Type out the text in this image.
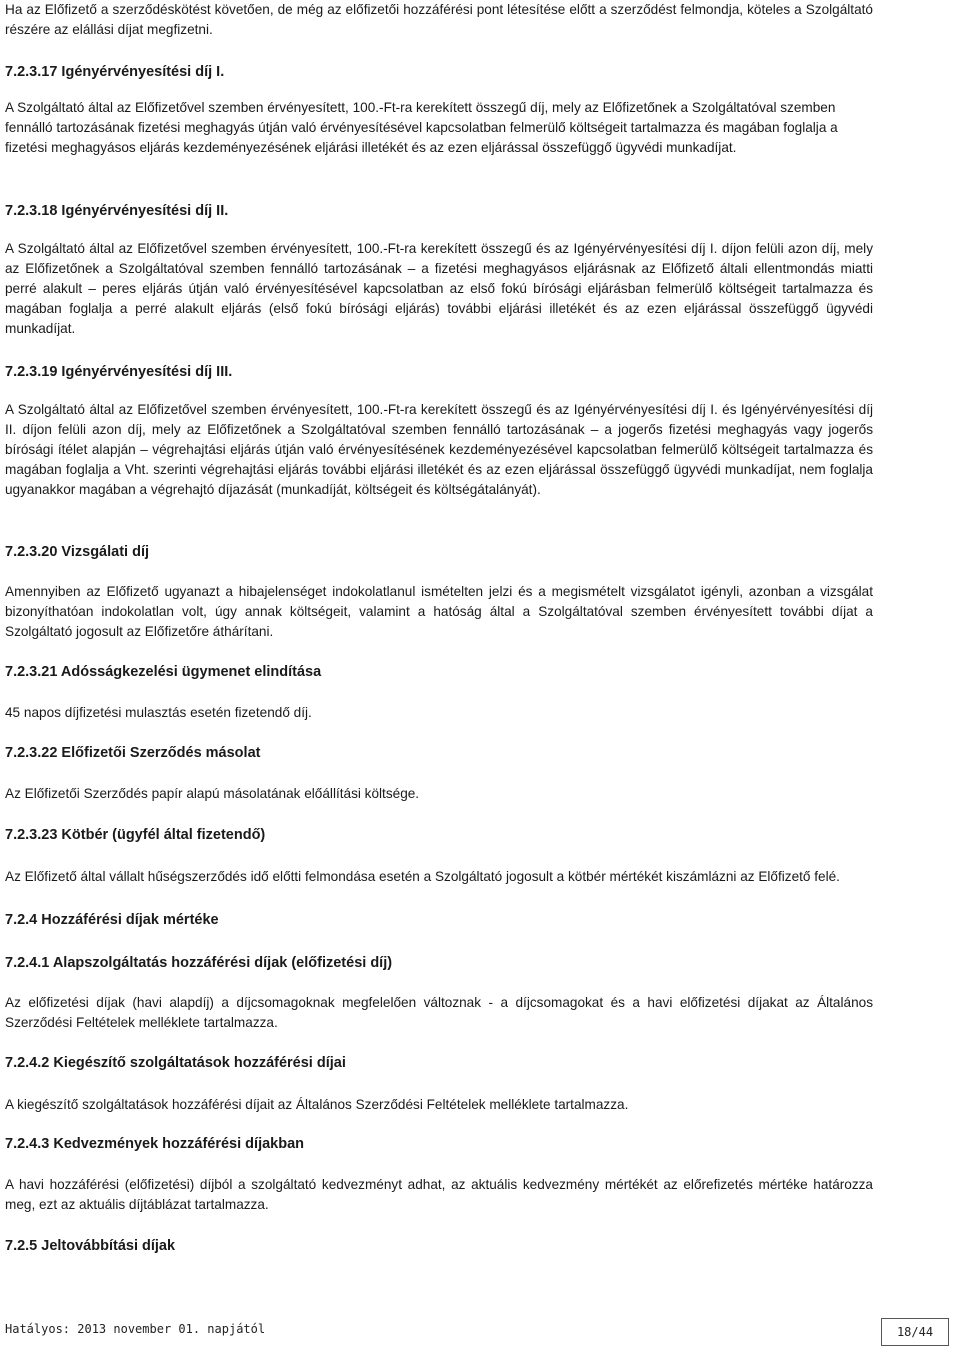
Ha az Előfizető a szerződéskötést követően, de még az előfizetői hozzáférési pont létesítése előtt a szerződést felmondja, köteles a Szolgáltató részére az elállási díjat megfizetni.
7.2.3.17 Igényérvényesítési díj I.
A Szolgáltató által az Előfizetővel szemben érvényesített, 100.-Ft-ra kerekített összegű díj, mely az Előfizetőnek a Szolgáltatóval szemben fennálló tartozásának fizetési meghagyás útján való érvényesítésével kapcsolatban felmerülő költségeit tartalmazza és magában foglalja a fizetési meghagyásos eljárás kezdeményezésének eljárási illetékét és az ezen eljárással összefüggő ügyvédi munkadíjat.
7.2.3.18 Igényérvényesítési díj II.
A Szolgáltató által az Előfizetővel szemben érvényesített, 100.-Ft-ra kerekített összegű és az Igényérvényesítési díj I. díjon felüli azon díj, mely az Előfizetőnek a Szolgáltatóval szemben fennálló tartozásának – a fizetési meghagyásos eljárásnak az Előfizető általi ellentmondás miatti perré alakult – peres eljárás útján való érvényesítésével kapcsolatban az első fokú bírósági eljárásban felmerülő költségeit tartalmazza és magában foglalja a perré alakult eljárás (első fokú bírósági eljárás) további eljárási illetékét és az ezen eljárással összefüggő ügyvédi munkadíjat.
7.2.3.19 Igényérvényesítési díj III.
A Szolgáltató által az Előfizetővel szemben érvényesített, 100.-Ft-ra kerekített összegű és az Igényérvényesítési díj I. és Igényérvényesítési díj II. díjon felüli azon díj, mely az Előfizetőnek a Szolgáltatóval szemben fennálló tartozásának – a jogerős fizetési meghagyás vagy jogerős bírósági ítélet alapján – végrehajtási eljárás útján való érvényesítésének kezdeményezésével kapcsolatban felmerülő költségeit tartalmazza és magában foglalja a Vht. szerinti végrehajtási eljárás további eljárási illetékét és az ezen eljárással összefüggő ügyvédi munkadíjat, nem foglalja ugyanakkor magában a végrehajtó díjazását (munkadíját, költségeit és költségátalányát).
7.2.3.20 Vizsgálati díj
Amennyiben az Előfizető ugyanazt a hibajelenséget indokolatlanul ismételten jelzi és a megismételt vizsgálatot igényli, azonban a vizsgálat bizonyíthatóan indokolatlan volt, úgy annak költségeit, valamint a hatóság által a Szolgáltatóval szemben érvényesített további díjat a Szolgáltató jogosult az Előfizetőre áthárítani.
7.2.3.21 Adósságkezelési ügymenet elindítása
45 napos díjfizetési mulasztás esetén fizetendő díj.
7.2.3.22 Előfizetői Szerződés másolat
Az Előfizetői Szerződés papír alapú másolatának előállítási költsége.
7.2.3.23 Kötbér (ügyfél által fizetendő)
Az Előfizető által vállalt hűségszerződés idő előtti felmondása esetén a Szolgáltató jogosult a kötbér mértékét kiszámlázni az Előfizető felé.
7.2.4 Hozzáférési díjak mértéke
7.2.4.1 Alapszolgáltatás hozzáférési díjak (előfizetési díj)
Az előfizetési díjak (havi alapdíj) a díjcsomagoknak megfelelően változnak - a díjcsomagokat és a havi előfizetési díjakat az Általános Szerződési Feltételek melléklete tartalmazza.
7.2.4.2 Kiegészítő szolgáltatások hozzáférési díjai
A kiegészítő szolgáltatások hozzáférési díjait az Általános Szerződési Feltételek melléklete tartalmazza.
7.2.4.3 Kedvezmények hozzáférési díjakban
A havi hozzáférési (előfizetési) díjból a szolgáltató kedvezményt adhat, az aktuális kedvezmény mértékét az előrefizetés mértéke határozza meg, ezt az aktuális díjtáblázat tartalmazza.
7.2.5 Jeltovábbítási díjak
Hatályos: 2013 november 01. napjától	18/44
